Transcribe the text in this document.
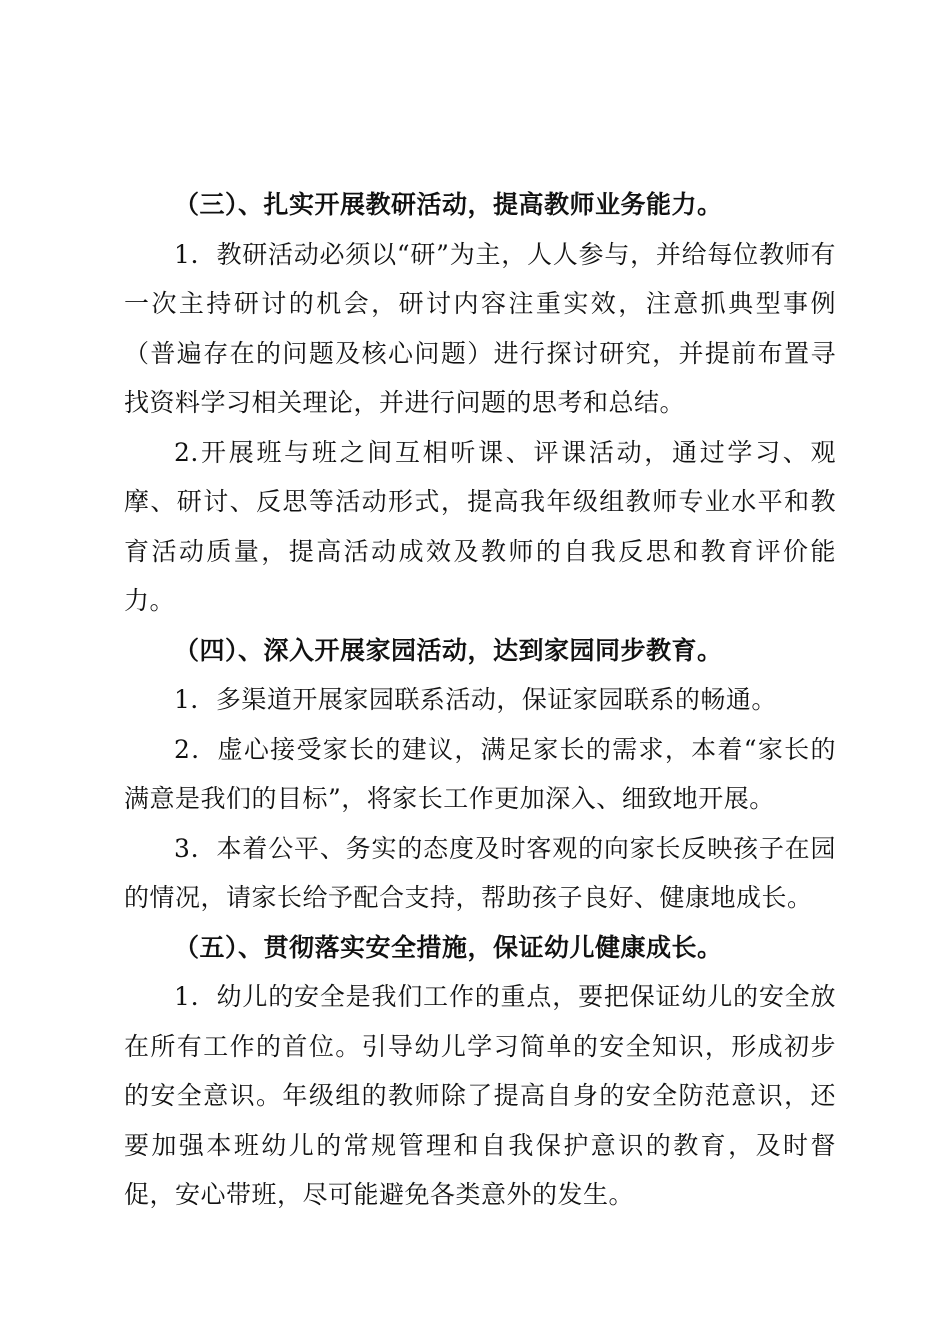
（三）、扎实开展教研活动，提高教师业务能力。

1．教研活动必须以“研”为主，人人参与，并给每位教师有一次主持研讨的机会，研讨内容注重实效，注意抓典型事例（普遍存在的问题及核心问题）进行探讨研究，并提前布置寻找资料学习相关理论，并进行问题的思考和总结。

2.开展班与班之间互相听课、评课活动，通过学习、观摩、研讨、反思等活动形式，提高我年级组教师专业水平和教育活动质量，提高活动成效及教师的自我反思和教育评价能力。

（四）、深入开展家园活动，达到家园同步教育。

1．多渠道开展家园联系活动，保证家园联系的畅通。

2．虚心接受家长的建议，满足家长的需求，本着“家长的满意是我们的目标”，将家长工作更加深入、细致地开展。

3．本着公平、务实的态度及时客观的向家长反映孩子在园的情况，请家长给予配合支持，帮助孩子良好、健康地成长。

（五）、贯彻落实安全措施，保证幼儿健康成长。

1．幼儿的安全是我们工作的重点，要把保证幼儿的安全放在所有工作的首位。引导幼儿学习简单的安全知识，形成初步的安全意识。年级组的教师除了提高自身的安全防范意识，还要加强本班幼儿的常规管理和自我保护意识的教育，及时督促，安心带班，尽可能避免各类意外的发生。
